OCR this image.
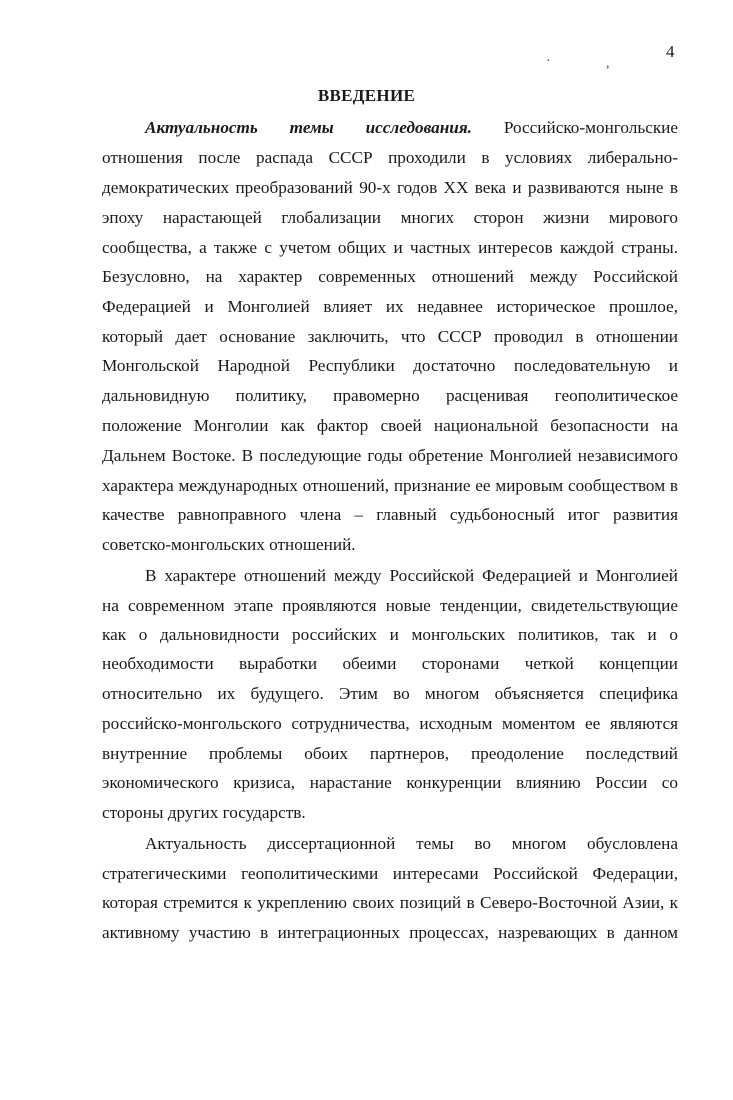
4
·	,
ВВЕДЕНИЕ
Актуальность темы исследования. Российско-монгольские
отношения после распада СССР проходили в условиях либерально-
демократических преобразований 90-х годов XX века и развиваются ныне в
эпоху нарастающей глобализации многих сторон жизни мирового
сообщества, а также с учетом общих и частных интересов каждой страны.
Безусловно, на характер современных отношений между Российской
Федерацией и Монголией влияет их недавнее историческое прошлое,
который дает основание заключить, что СССР проводил в отношении
Монгольской Народной Республики достаточно последовательную и
дальновидную политику, правомерно расценивая геополитическое
положение Монголии как фактор своей национальной безопасности на
Дальнем Востоке. В последующие годы обретение Монголией независимого
характера международных отношений, признание ее мировым сообществом в
качестве равноправного члена – главный судьбоносный итог развития
советско-монгольских отношений.
В характере отношений между Российской Федерацией и Монголией
на современном этапе проявляются новые тенденции, свидетельствующие
как о дальновидности российских и монгольских политиков, так и о
необходимости выработки обеими сторонами четкой концепции
относительно их будущего. Этим во многом объясняется специфика
российско-монгольского сотрудничества, исходным моментом ее являются
внутренние проблемы обоих партнеров, преодоление последствий
экономического кризиса, нарастание конкуренции влиянию России со
стороны других государств.
Актуальность диссертационной темы во многом обусловлена
стратегическими геополитическими интересами Российской Федерации,
которая стремится к укреплению своих позиций в Северо-Восточной Азии, к
активному участию в интеграционных процессах, назревающих в данном
